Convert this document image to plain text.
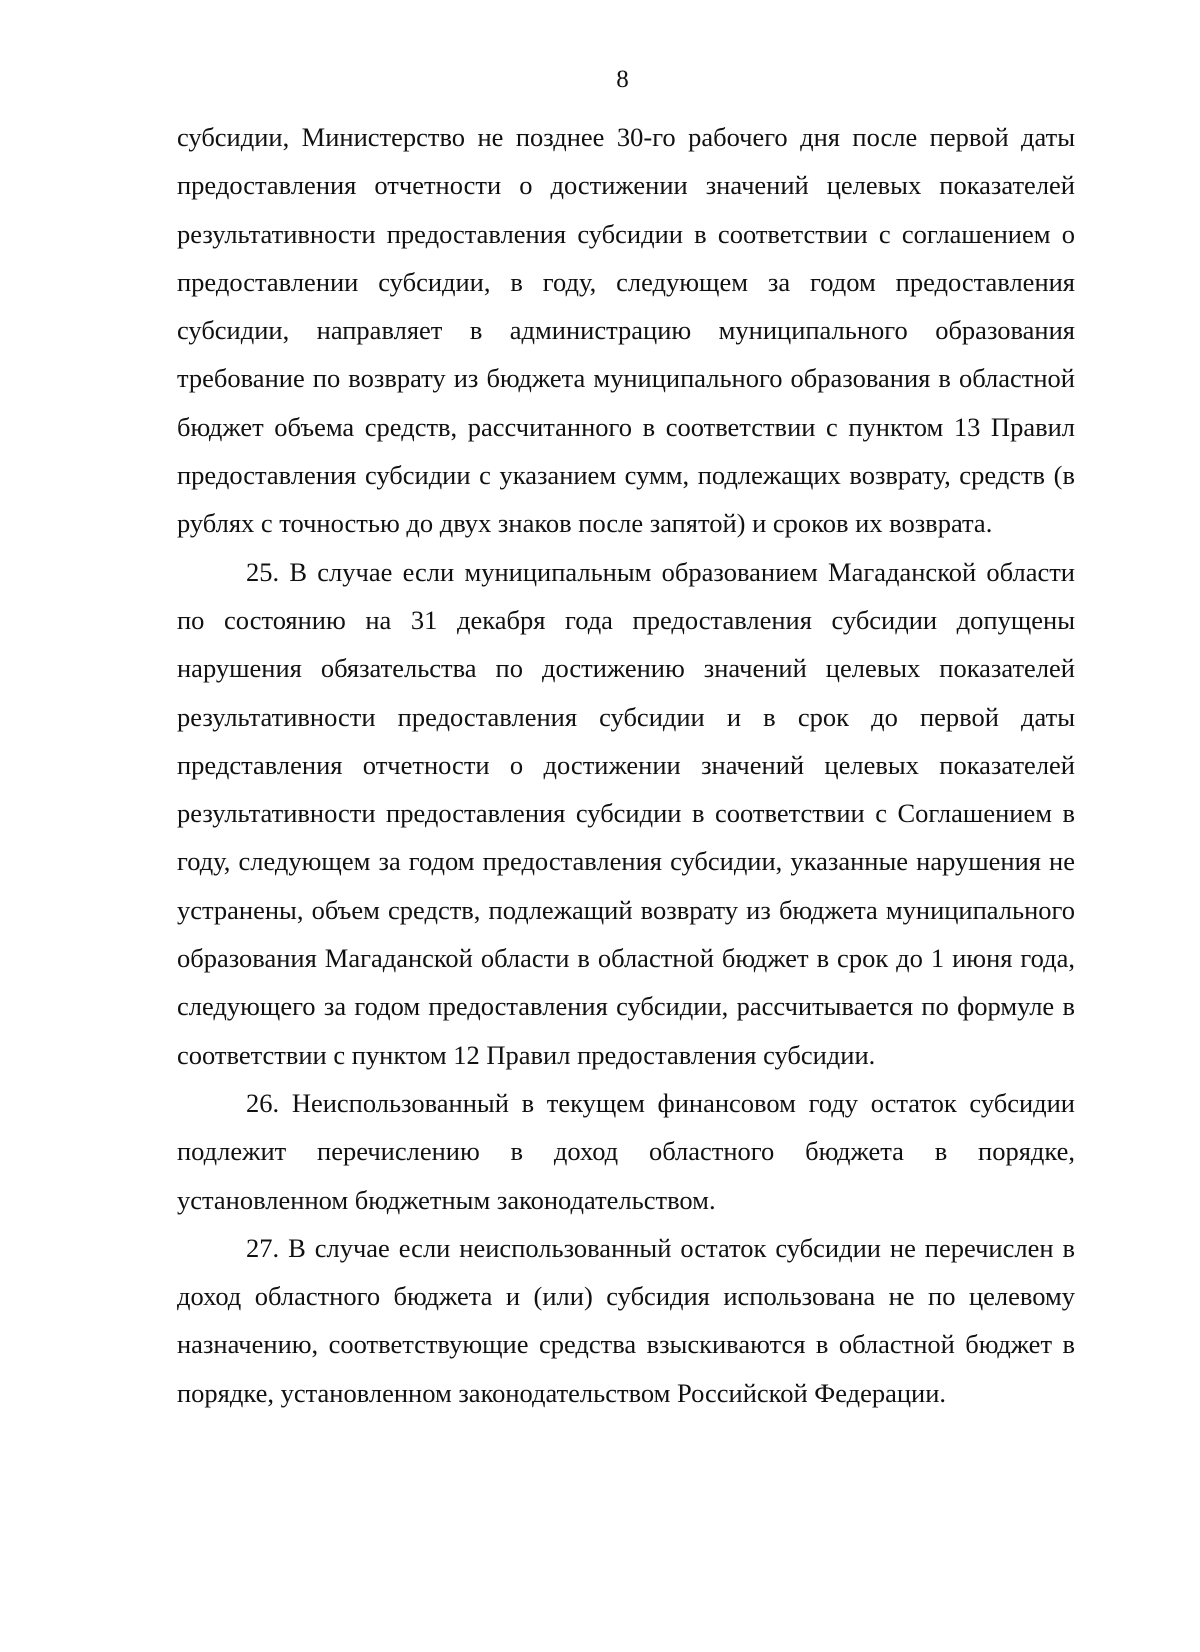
8

субсидии, Министерство не позднее 30-го рабочего дня после первой даты предоставления отчетности о достижении значений целевых показателей результативности предоставления субсидии в соответствии с соглашением о предоставлении субсидии, в году, следующем за годом предоставления субсидии, направляет в администрацию муниципального образования требование по возврату из бюджета муниципального образования в областной бюджет объема средств, рассчитанного в соответствии с пунктом 13 Правил предоставления субсидии с указанием сумм, подлежащих возврату, средств (в рублях с точностью до двух знаков после запятой) и сроков их возврата.

25. В случае если муниципальным образованием Магаданской области по состоянию на 31 декабря года предоставления субсидии допущены нарушения обязательства по достижению значений целевых показателей результативности предоставления субсидии и в срок до первой даты представления отчетности о достижении значений целевых показателей результативности предоставления субсидии в соответствии с Соглашением в году, следующем за годом предоставления субсидии, указанные нарушения не устранены, объем средств, подлежащий возврату из бюджета муниципального образования Магаданской области в областной бюджет в срок до 1 июня года, следующего за годом предоставления субсидии, рассчитывается по формуле в соответствии с пунктом 12 Правил предоставления субсидии.

26. Неиспользованный в текущем финансовом году остаток субсидии подлежит перечислению в доход областного бюджета в порядке, установленном бюджетным законодательством.

27. В случае если неиспользованный остаток субсидии не перечислен в доход областного бюджета и (или) субсидия использована не по целевому назначению, соответствующие средства взыскиваются в областной бюджет в порядке, установленном законодательством Российской Федерации.
